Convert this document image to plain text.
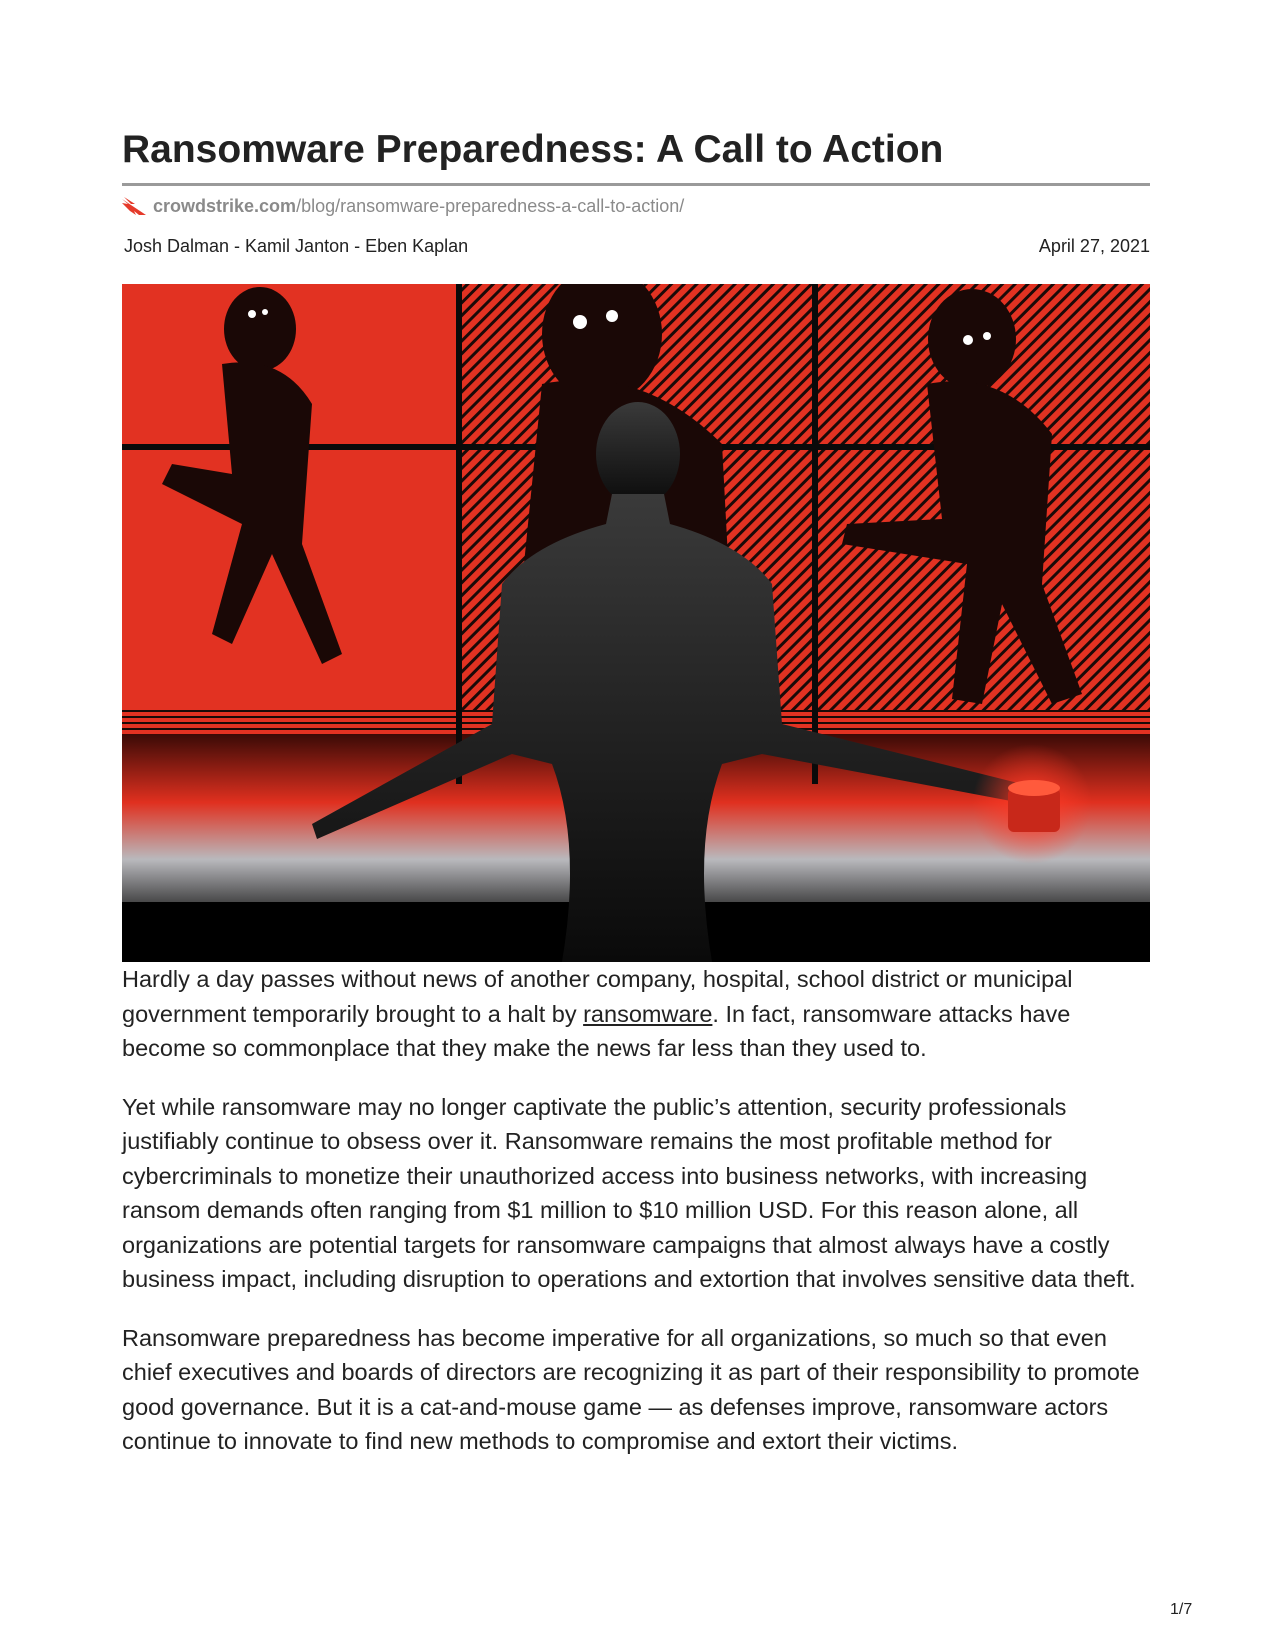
Ransomware Preparedness: A Call to Action
crowdstrike.com/blog/ransomware-preparedness-a-call-to-action/
Josh Dalman - Kamil Janton - Eben Kaplan	April 27, 2021

Hardly a day passes without news of another company, hospital, school district or municipal government temporarily brought to a halt by ransomware. In fact, ransomware attacks have become so commonplace that they make the news far less than they used to.

Yet while ransomware may no longer captivate the public’s attention, security professionals justifiably continue to obsess over it. Ransomware remains the most profitable method for cybercriminals to monetize their unauthorized access into business networks, with increasing ransom demands often ranging from $1 million to $10 million USD. For this reason alone, all organizations are potential targets for ransomware campaigns that almost always have a costly business impact, including disruption to operations and extortion that involves sensitive data theft.

Ransomware preparedness has become imperative for all organizations, so much so that even chief executives and boards of directors are recognizing it as part of their responsibility to promote good governance. But it is a cat-and-mouse game — as defenses improve, ransomware actors continue to innovate to find new methods to compromise and extort their victims.

1/7
